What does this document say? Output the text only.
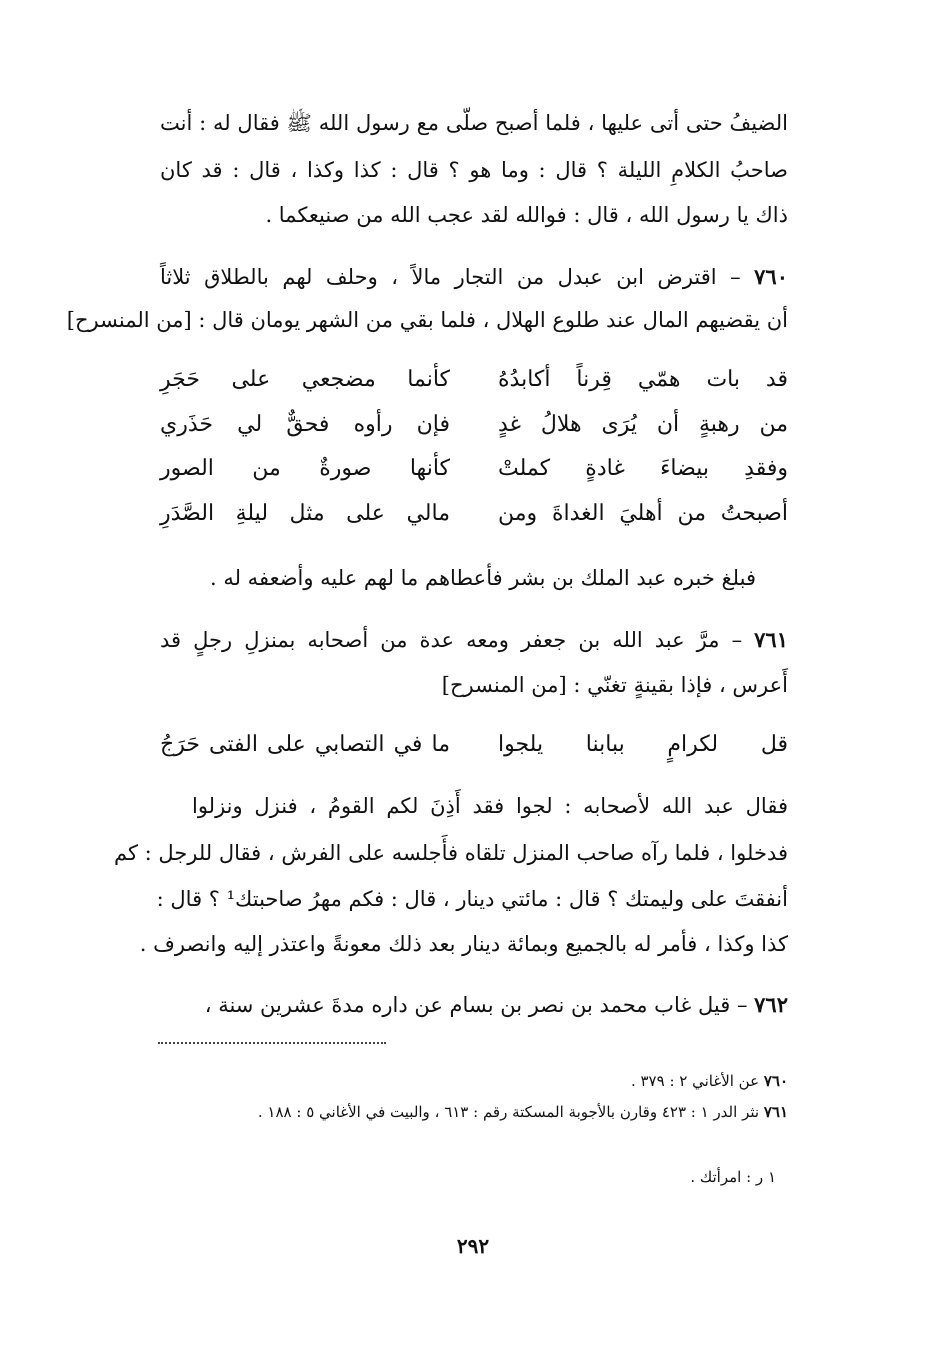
الضيفُ حتى أتى عليها ، فلما أصبح صلّى مع رسول الله ﷺ فقال له : أنت
صاحبُ الكلامِ الليلة ؟ قال : وما هو ؟ قال : كذا وكذا ، قال : قد كان
ذاك يا رسول الله ، قال : فوالله لقد عجب الله من صنيعكما .
٧٦٠ – اقترض ابن عبدل من التجار مالاً ، وحلف لهم بالطلاق ثلاثاً
أن يقضيهم المال عند طلوع الهلال ، فلما بقي من الشهر يومان قال : [من المنسرح]
قد بات همّي قِرناً أكابدُهُ
كأنما مضجعي على حَجَرِ
من رهبةٍ أن يُرَى هلالُ غدٍ
فإن رأوه فحقٌّ لي حَذَري
وفقدِ بيضاءَ غادةٍ كملتْ
كأنها صورةٌ من الصور
أصبحتُ من أهليَ الغداةَ ومن
مالي على مثل ليلةِ الصَّدَرِ
فبلغ خبره عبد الملك بن بشر فأعطاهم ما لهم عليه وأضعفه له .
٧٦١ – مرَّ عبد الله بن جعفر ومعه عدة من أصحابه بمنزلِ رجلٍ قد
أَعرس ، فإذا بقينةٍ تغنّي : [من المنسرح]
قل لكرامٍ ببابنا يلجوا
ما في التصابي على الفتى حَرَجُ
فقال عبد الله لأصحابه : لجوا فقد أَذِنَ لكم القومُ ، فنزل ونزلوا
فدخلوا ، فلما رآه صاحب المنزل تلقاه فأَجلسه على الفرش ، فقال للرجل : كم
أنفقتَ على وليمتك ؟ قال : مائتي دينار ، قال : فكم مهرُ صاحبتك¹ ؟ قال :
كذا وكذا ، فأمر له بالجميع وبمائة دينار بعد ذلك معونةً واعتذر إليه وانصرف .
٧٦٢ – قيل غاب محمد بن نصر بن بسام عن داره مدةَ عشرين سنة ،
٧٦٠ عن الأغاني ٢ : ٣٧٩ .
٧٦١ نثر الدر ١ : ٤٢٣ وقارن بالأجوبة المسكتة رقم : ٦١٣ ، والبيت في الأغاني ٥ : ١٨٨ .
١ ر : امرأتك .
٢٩٢
